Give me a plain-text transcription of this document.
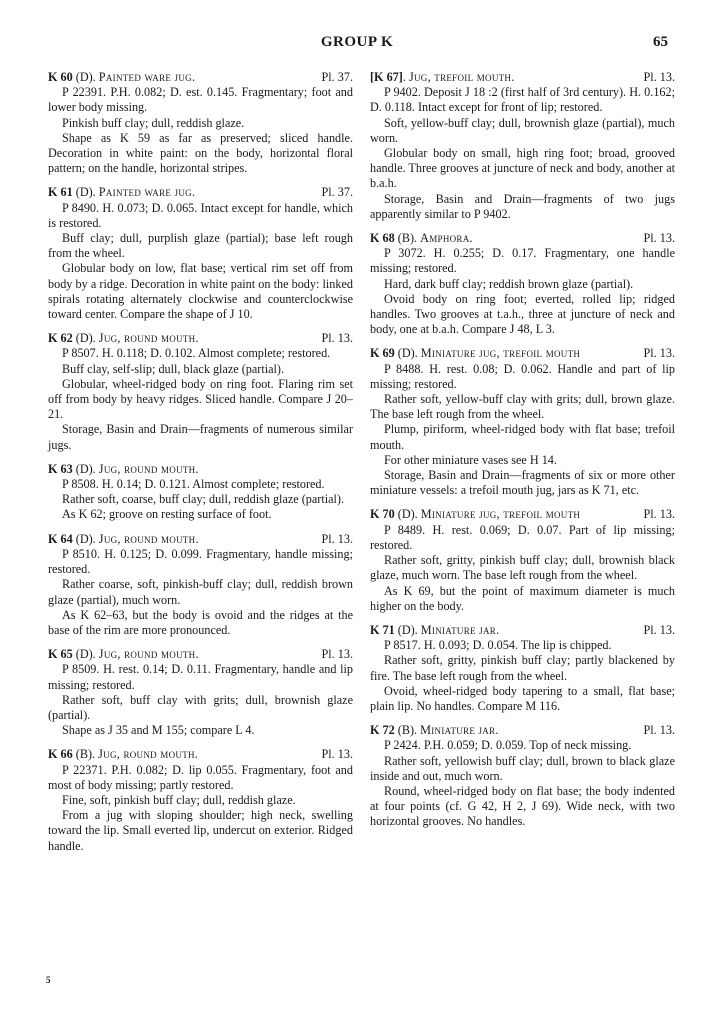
GROUP K	65
K 60 (D). Painted ware jug.	Pl. 37.

P 22391. P.H. 0.082; D. est. 0.145. Fragmentary; foot and lower body missing.

Pinkish buff clay; dull, reddish glaze.

Shape as K 59 as far as preserved; sliced handle. Decoration in white paint: on the body, horizontal floral pattern; on the handle, horizontal stripes.

K 61 (D). Painted ware jug.	Pl. 37.

P 8490. H. 0.073; D. 0.065. Intact except for handle, which is restored.

Buff clay; dull, purplish glaze (partial); base left rough from the wheel.

Globular body on low, flat base; vertical rim set off from body by a ridge. Decoration in white paint on the body: linked spirals rotating alternately clockwise and counterclockwise toward center. Compare the shape of J 10.

K 62 (D). Jug, round mouth.	Pl. 13.

P 8507. H. 0.118; D. 0.102. Almost complete; restored.

Buff clay, self-slip; dull, black glaze (partial).

Globular, wheel-ridged body on ring foot. Flaring rim set off from body by heavy ridges. Sliced handle. Compare J 20–21.

Storage, Basin and Drain—fragments of numerous similar jugs.

K 63 (D). Jug, round mouth.

P 8508. H. 0.14; D. 0.121. Almost complete; restored.

Rather soft, coarse, buff clay; dull, reddish glaze (partial).

As K 62; groove on resting surface of foot.

K 64 (D). Jug, round mouth.	Pl. 13.

P 8510. H. 0.125; D. 0.099. Fragmentary, handle missing; restored.

Rather coarse, soft, pinkish-buff clay; dull, reddish brown glaze (partial), much worn.

As K 62–63, but the body is ovoid and the ridges at the base of the rim are more pronounced.

K 65 (D). Jug, round mouth.	Pl. 13.

P 8509. H. rest. 0.14; D. 0.11. Fragmentary, handle and lip missing; restored.

Rather soft, buff clay with grits; dull, brownish glaze (partial).

Shape as J 35 and M 155; compare L 4.

K 66 (B). Jug, round mouth.	Pl. 13.

P 22371. P.H. 0.082; D. lip 0.055. Fragmentary, foot and most of body missing; partly restored.

Fine, soft, pinkish buff clay; dull, reddish glaze.

From a jug with sloping shoulder; high neck, swelling toward the lip. Small everted lip, undercut on exterior. Ridged handle.

[K 67]. Jug, trefoil mouth.	Pl. 13.

P 9402. Deposit J 18 :2 (first half of 3rd century). H. 0.162; D. 0.118. Intact except for front of lip; restored.

Soft, yellow-buff clay; dull, brownish glaze (partial), much worn.

Globular body on small, high ring foot; broad, grooved handle. Three grooves at juncture of neck and body, another at b.a.h.

Storage, Basin and Drain—fragments of two jugs apparently similar to P 9402.

K 68 (B). Amphora.	Pl. 13.

P 3072. H. 0.255; D. 0.17. Fragmentary, one handle missing; restored.

Hard, dark buff clay; reddish brown glaze (partial).

Ovoid body on ring foot; everted, rolled lip; ridged handles. Two grooves at t.a.h., three at juncture of neck and body, one at b.a.h. Compare J 48, L 3.

K 69 (D). Miniature jug, trefoil mouth	Pl. 13.

P 8488. H. rest. 0.08; D. 0.062. Handle and part of lip missing; restored.

Rather soft, yellow-buff clay with grits; dull, brown glaze. The base left rough from the wheel.

Plump, piriform, wheel-ridged body with flat base; trefoil mouth.

For other miniature vases see H 14.

Storage, Basin and Drain—fragments of six or more other miniature vessels: a trefoil mouth jug, jars as K 71, etc.

K 70 (D). Miniature jug, trefoil mouth	Pl. 13.

P 8489. H. rest. 0.069; D. 0.07. Part of lip missing; restored.

Rather soft, gritty, pinkish buff clay; dull, brownish black glaze, much worn. The base left rough from the wheel.

As K 69, but the point of maximum diameter is much higher on the body.

K 71 (D). Miniature jar.	Pl. 13.

P 8517. H. 0.093; D. 0.054. The lip is chipped.

Rather soft, gritty, pinkish buff clay; partly blackened by fire. The base left rough from the wheel.

Ovoid, wheel-ridged body tapering to a small, flat base; plain lip. No handles. Compare M 116.

K 72 (B). Miniature jar.	Pl. 13.

P 2424. P.H. 0.059; D. 0.059. Top of neck missing.

Rather soft, yellowish buff clay; dull, brown to black glaze inside and out, much worn.

Round, wheel-ridged body on flat base; the body indented at four points (cf. G 42, H 2, J 69). Wide neck, with two horizontal grooves. No handles.

5
